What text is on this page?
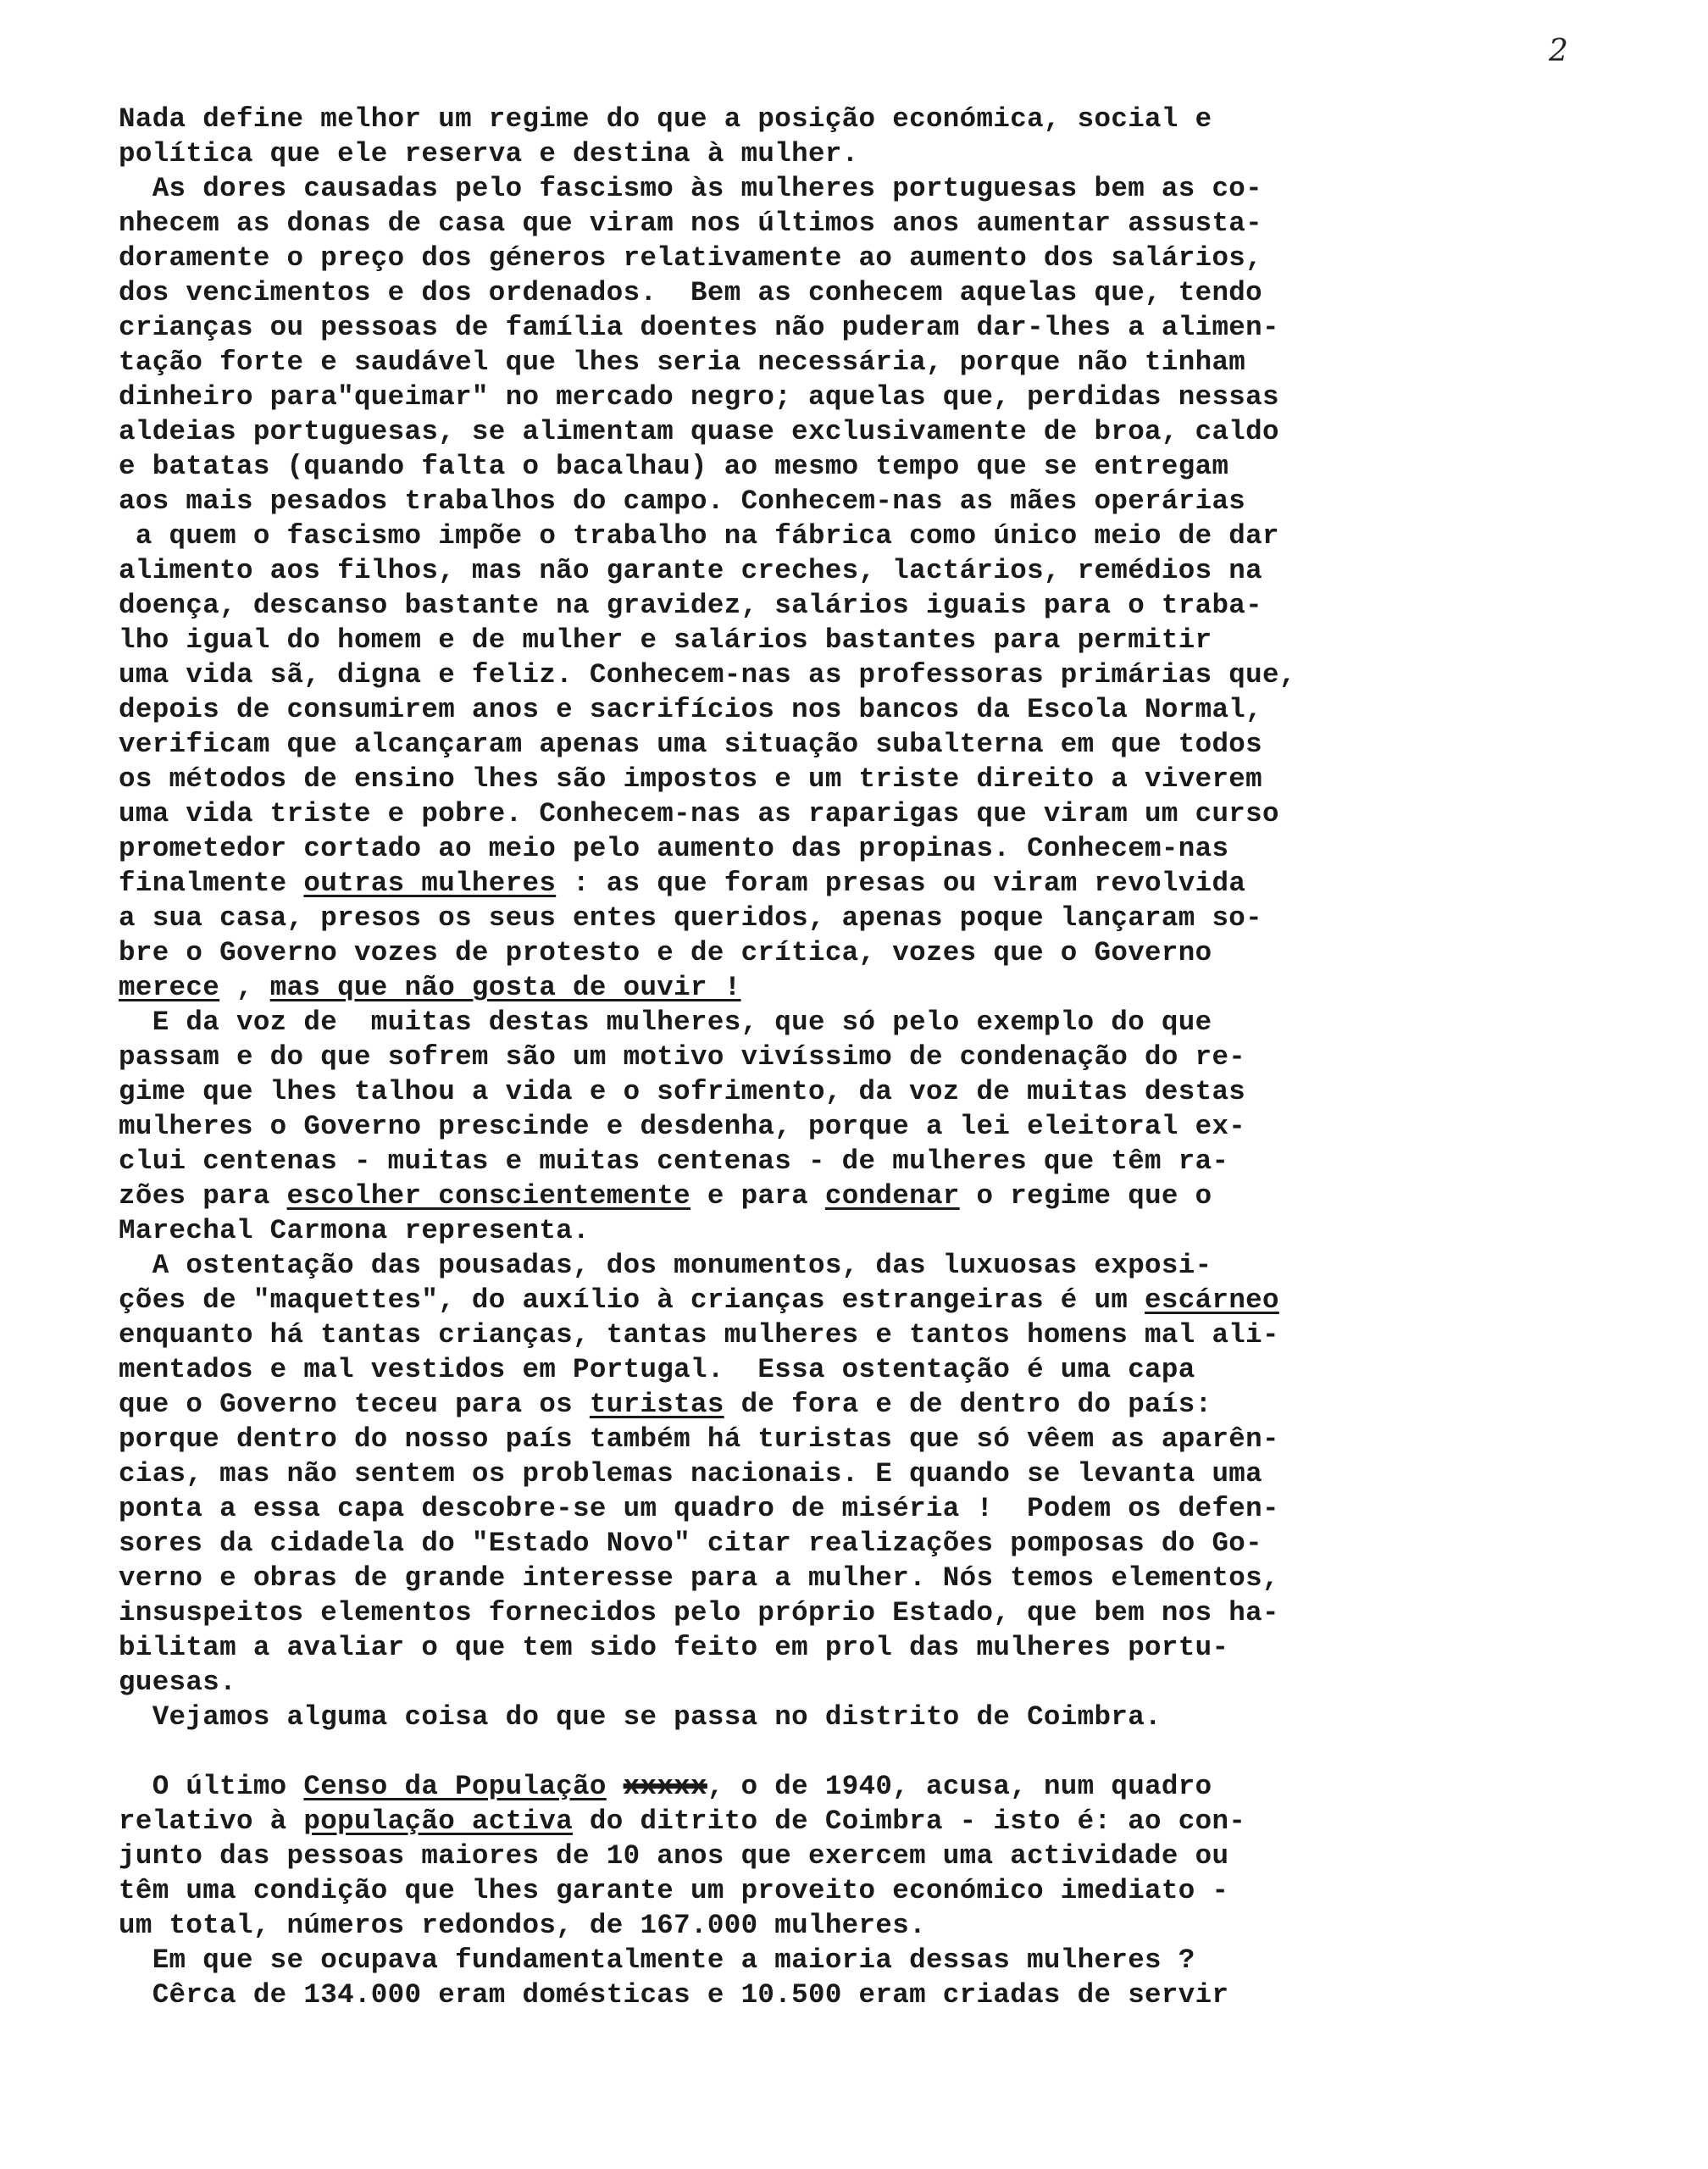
2
Nada define melhor um regime do que a posição económica, social e
política que ele reserva e destina à mulher.
As dores causadas pelo fascismo às mulheres portuguesas bem as co-
nhecem as donas de casa que viram nos últimos anos aumentar assusta-
doramente o preço dos géneros relativamente ao aumento dos salários,
dos vencimentos e dos ordenados.  Bem as conhecem aquelas que, tendo
crianças ou pessoas de família doentes não puderam dar-lhes a alimen-
tação forte e saudável que lhes seria necessária, porque não tinham
dinheiro para"queimar" no mercado negro; aquelas que, perdidas nessas
aldeias portuguesas, se alimentam quase exclusivamente de broa, caldo
e batatas (quando falta o bacalhau) ao mesmo tempo que se entregam
aos mais pesados trabalhos do campo. Conhecem-nas as mães operárias
a quem o fascismo impõe o trabalho na fábrica como único meio de dar
alimento aos filhos, mas não garante creches, lactários, remédios na
doença, descanso bastante na gravidez, salários iguais para o traba-
lho igual do homem e de mulher e salários bastantes para permitir
uma vida sã, digna e feliz. Conhecem-nas as professoras primárias que,
depois de consumirem anos e sacrifícios nos bancos da Escola Normal,
verificam que alcançaram apenas uma situação subalterna em que todos
os métodos de ensino lhes são impostos e um triste direito a viverem
uma vida triste e pobre. Conhecem-nas as raparigas que viram um curso
prometedor cortado ao meio pelo aumento das propinas. Conhecem-nas
finalmente outras mulheres : as que foram presas ou viram revolvida
a sua casa, presos os seus entes queridos, apenas poque lançaram so-
bre o Governo vozes de protesto e de crítica, vozes que o Governo
merece , mas que não gosta de ouvir !
E da voz de  muitas destas mulheres, que só pelo exemplo do que
passam e do que sofrem são um motivo vivíssimo de condenação do re-
gime que lhes talhou a vida e o sofrimento, da voz de muitas destas
mulheres o Governo prescinde e desdenha, porque a lei eleitoral ex-
clui centenas - muitas e muitas centenas - de mulheres que têm ra-
zões para escolher conscientemente e para condenar o regime que o
Marechal Carmona representa.
A ostentação das pousadas, dos monumentos, das luxuosas exposi-
ções de "maquettes", do auxílio à crianças estrangeiras é um escárneo
enquanto há tantas crianças, tantas mulheres e tantos homens mal ali-
mentados e mal vestidos em Portugal.  Essa ostentação é uma capa
que o Governo teceu para os turistas de fora e de dentro do país:
porque dentro do nosso país também há turistas que só vêem as aparên-
cias, mas não sentem os problemas nacionais. E quando se levanta uma
ponta a essa capa descobre-se um quadro de miséria !  Podem os defen-
sores da cidadela do "Estado Novo" citar realizações pomposas do Go-
verno e obras de grande interesse para a mulher. Nós temos elementos,
insuspeitos elementos fornecidos pelo próprio Estado, que bem nos ha-
bilitam a avaliar o que tem sido feito em prol das mulheres portu-
guesas.
Vejamos alguma coisa do que se passa no distrito de Coimbra.
O último Censo da População xxxxx, o de 1940, acusa, num quadro
relativo à população activa do ditrito de Coimbra - isto é: ao con-
junto das pessoas maiores de 10 anos que exercem uma actividade ou
têm uma condição que lhes garante um proveito económico imediato -
um total, números redondos, de 167.000 mulheres.
Em que se ocupava fundamentalmente a maioria dessas mulheres ?
Cêrca de 134.000 eram domésticas e 10.500 eram criadas de servir
